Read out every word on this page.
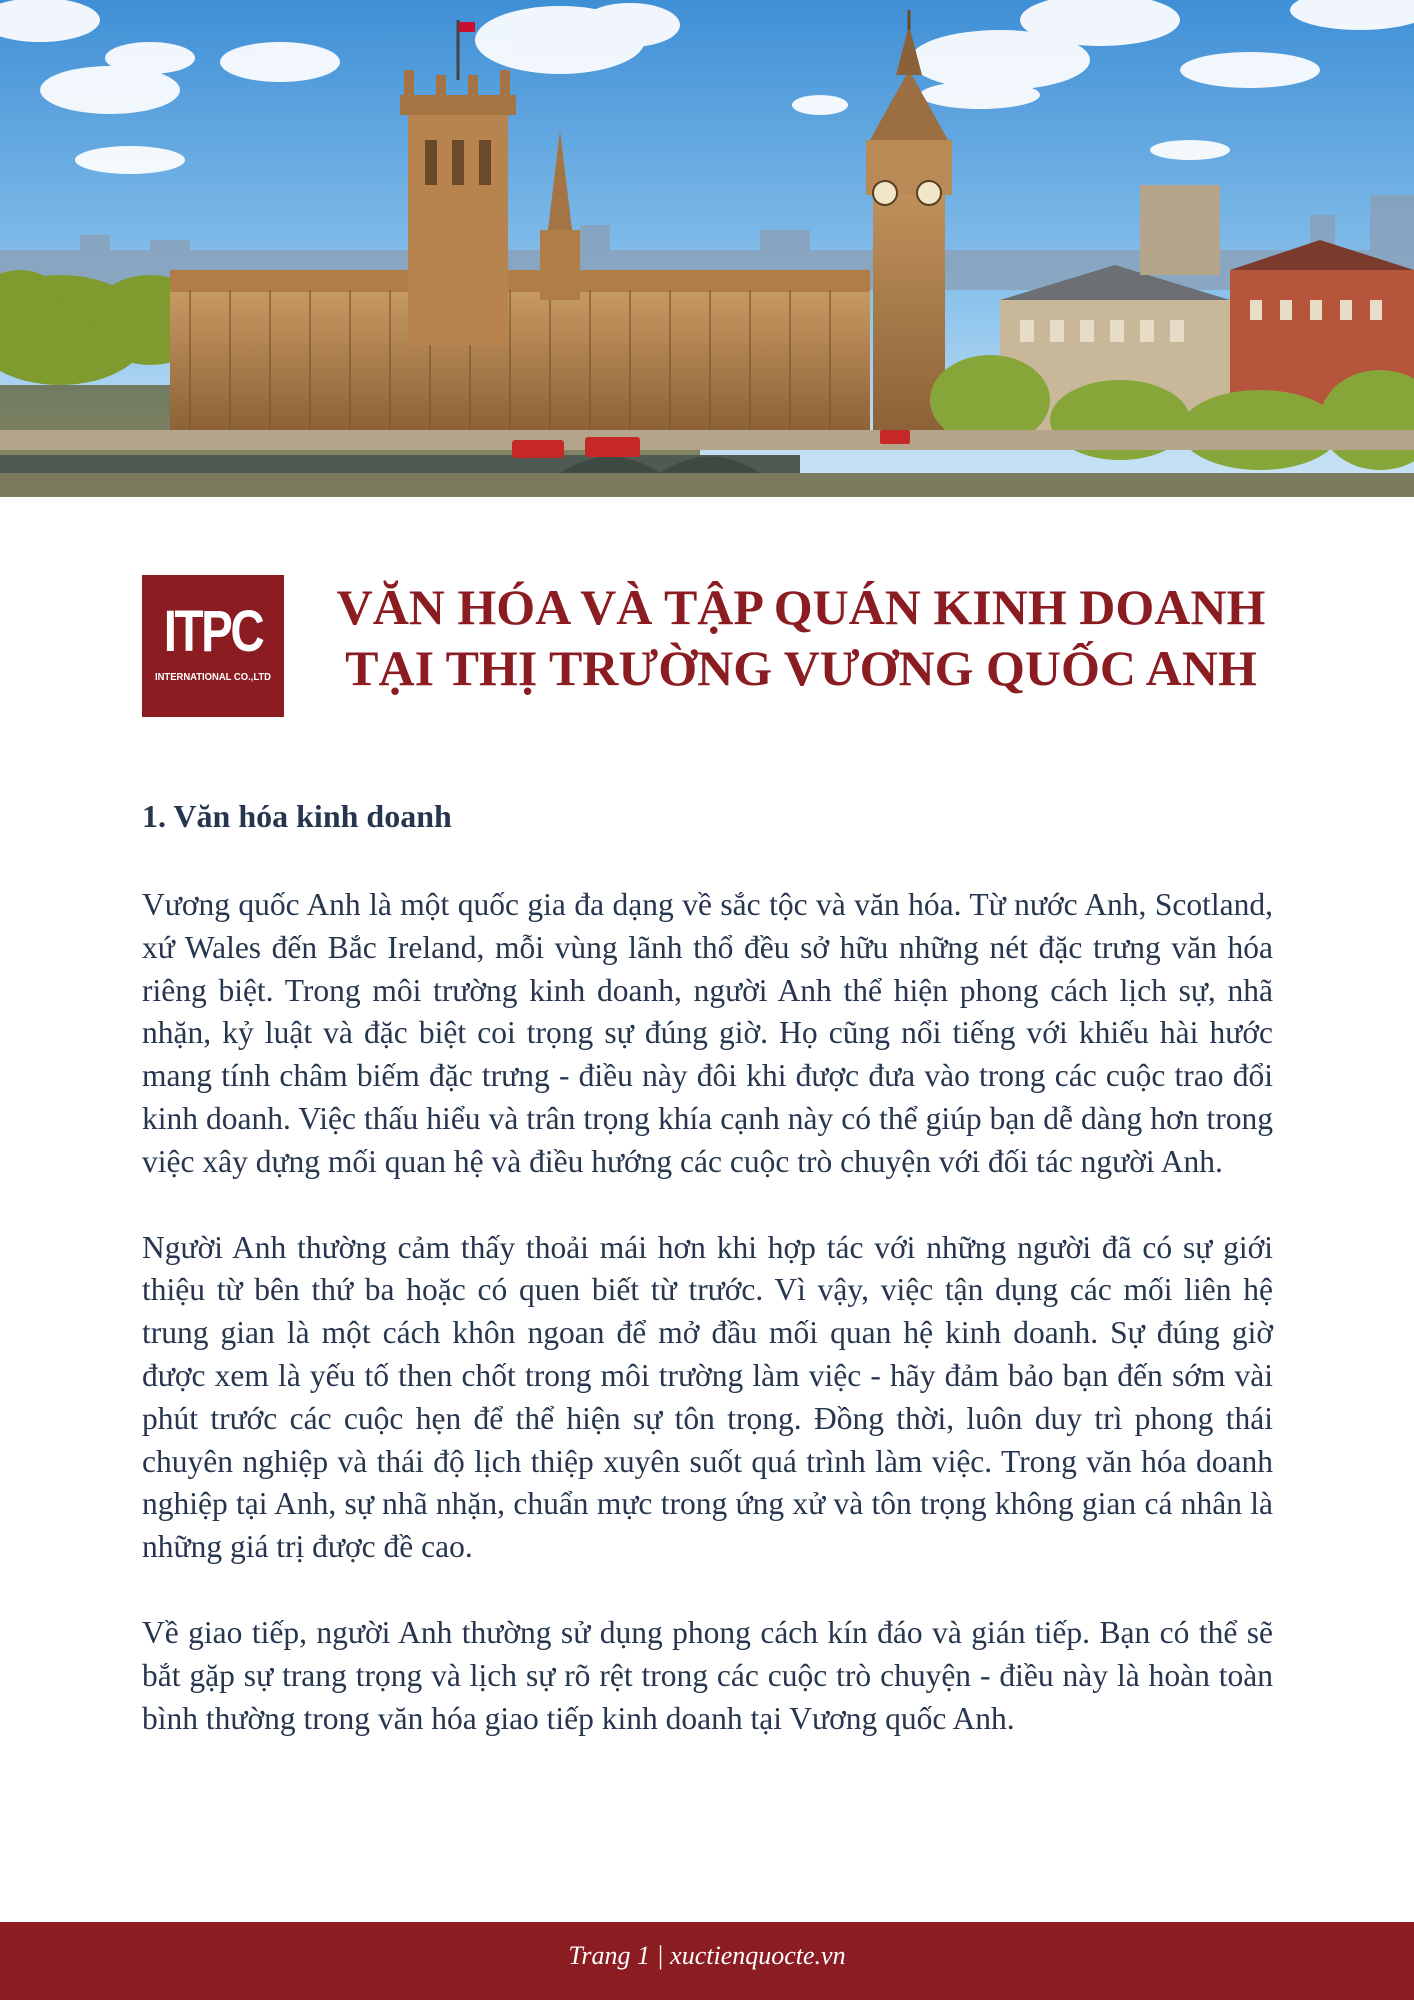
ITPC
INTERNATIONAL CO.,LTD
VĂN HÓA VÀ TẬP QUÁN KINH DOANH
TẠI THỊ TRƯỜNG VƯƠNG QUỐC ANH
1. Văn hóa kinh doanh

Vương quốc Anh là một quốc gia đa dạng về sắc tộc và văn hóa. Từ nước Anh, Scotland, xứ Wales đến Bắc Ireland, mỗi vùng lãnh thổ đều sở hữu những nét đặc trưng văn hóa riêng biệt. Trong môi trường kinh doanh, người Anh thể hiện phong cách lịch sự, nhã nhặn, kỷ luật và đặc biệt coi trọng sự đúng giờ. Họ cũng nổi tiếng với khiếu hài hước mang tính châm biếm đặc trưng - điều này đôi khi được đưa vào trong các cuộc trao đổi kinh doanh. Việc thấu hiểu và trân trọng khía cạnh này có thể giúp bạn dễ dàng hơn trong việc xây dựng mối quan hệ và điều hướng các cuộc trò chuyện với đối tác người Anh.

Người Anh thường cảm thấy thoải mái hơn khi hợp tác với những người đã có sự giới thiệu từ bên thứ ba hoặc có quen biết từ trước. Vì vậy, việc tận dụng các mối liên hệ trung gian là một cách khôn ngoan để mở đầu mối quan hệ kinh doanh. Sự đúng giờ được xem là yếu tố then chốt trong môi trường làm việc - hãy đảm bảo bạn đến sớm vài phút trước các cuộc hẹn để thể hiện sự tôn trọng. Đồng thời, luôn duy trì phong thái chuyên nghiệp và thái độ lịch thiệp xuyên suốt quá trình làm việc. Trong văn hóa doanh nghiệp tại Anh, sự nhã nhặn, chuẩn mực trong ứng xử và tôn trọng không gian cá nhân là những giá trị được đề cao.

Về giao tiếp, người Anh thường sử dụng phong cách kín đáo và gián tiếp. Bạn có thể sẽ bắt gặp sự trang trọng và lịch sự rõ rệt trong các cuộc trò chuyện - điều này là hoàn toàn bình thường trong văn hóa giao tiếp kinh doanh tại Vương quốc Anh.

Trang 1 | xuctienquocte.vn
